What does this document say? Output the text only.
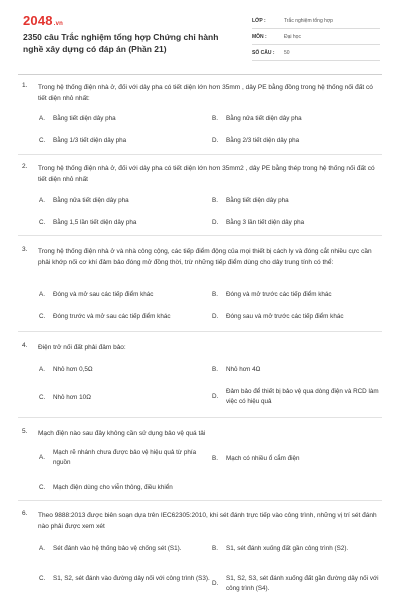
2048.vn
2350 câu Trắc nghiệm tổng hợp Chứng chỉ hành nghề xây dựng có đáp án (Phần 21)
LỚP :	Trắc nghiệm tổng hợp
MÔN :	Đại học
SỐ CÂU :	50
1. Trong hệ thống điện nhà ở, đối với dây pha có tiết diện lớn hơn 35mm , dây PE bằng đồng trong hệ thống nối đất có tiết diện nhỏ nhất:
A.	Bằng tiết diện dây pha	B.	Bằng nửa tiết diện dây pha
C.	Bằng 1/3 tiết diện dây pha	D.	Bằng 2/3 tiết diện dây pha
2. Trong hệ thống điện nhà ở, đối với dây pha có tiết diện lớn hơn 35mm2 , dây PE bằng thép trong hệ thống nối đất có tiết diện nhỏ nhất
A.	Bằng nửa tiết diện dây pha	B.	Bằng tiết diện dây pha
C.	Bằng 1,5 lần tiết diện dây pha	D.	Bằng 3 lần tiết diện dây pha
3. Trong hệ thống điện nhà ở và nhà công cộng, các tiếp điểm động của mọi thiết bị cách ly và đóng cắt nhiều cực cần phải khớp nối cơ khí đảm bảo đóng mở đồng thời, trừ những tiếp điểm dùng cho dây trung tính có thể:
A.	Đóng và mở sau các tiếp điểm khác	B.	Đóng và mở trước các tiếp điểm khác
C.	Đóng trước và mở sau các tiếp điểm khác	D.	Đóng sau và mở trước các tiếp điểm khác
4. Điện trở nối đất phải đảm bảo:
A.	Nhỏ hơn 0,5Ω	B.	Nhỏ hơn 4Ω
C.	Nhỏ hơn 10Ω	D.
Đảm bảo để thiết bị bảo vệ qua dòng điện và RCD làm việc có hiệu quả
5. Mạch điện nào sau đây không cần sử dụng bảo vệ quá tải
A.
Mạch rẽ nhánh chưa được bảo vệ hiệu quả từ phía nguồn
B.	Mạch có nhiều ổ cắm điện
C.	Mạch điện dùng cho viễn thông, điều khiển
6. Theo 9888:2013 được biên soạn dựa trên IEC62305:2010, khi sét đánh trực tiếp vào công trình, những vị trí sét đánh nào phải được xem xét
A.	Sét đánh vào hệ thống bảo vệ chống sét (S1).	B.	S1, sét đánh xuống đất gần công trình (S2).
C.	S1, S2, sét đánh vào đường dây nối với công trình (S3).
D.
S1, S2, S3, sét đánh xuống đất gần đường dây nối với công trình (S4).
